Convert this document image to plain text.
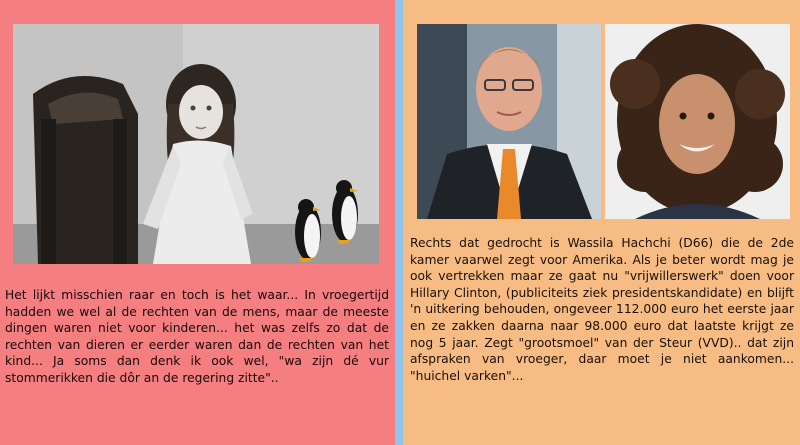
Het lijkt misschien raar en toch is het waar... In vroegertijd hadden we wel al de rechten van de mens, maar de meeste dingen waren niet voor kinderen... het was zelfs zo dat de rechten van dieren er eerder waren dan de rechten van het kind... Ja soms dan denk ik ook wel, "wa zijn dé vur stommerikken die dôr an de regering zitte"..

Rechts dat gedrocht is Wassila Hachchi (D66) die de 2de kamer vaarwel zegt voor Amerika. Als je beter wordt mag je ook vertrekken maar ze gaat nu "vrijwillerswerk" doen voor Hillary Clinton, (publiciteits ziek presidentskandidate) en blijft 'n uitkering behouden, ongeveer 112.000 euro het eerste jaar en ze zakken daarna naar 98.000 euro dat laatste krijgt ze nog 5 jaar. Zegt "grootsmoel" van der Steur (VVD).. dat zijn afspraken van vroeger, daar moet je niet aankomen... "huichel varken"...
